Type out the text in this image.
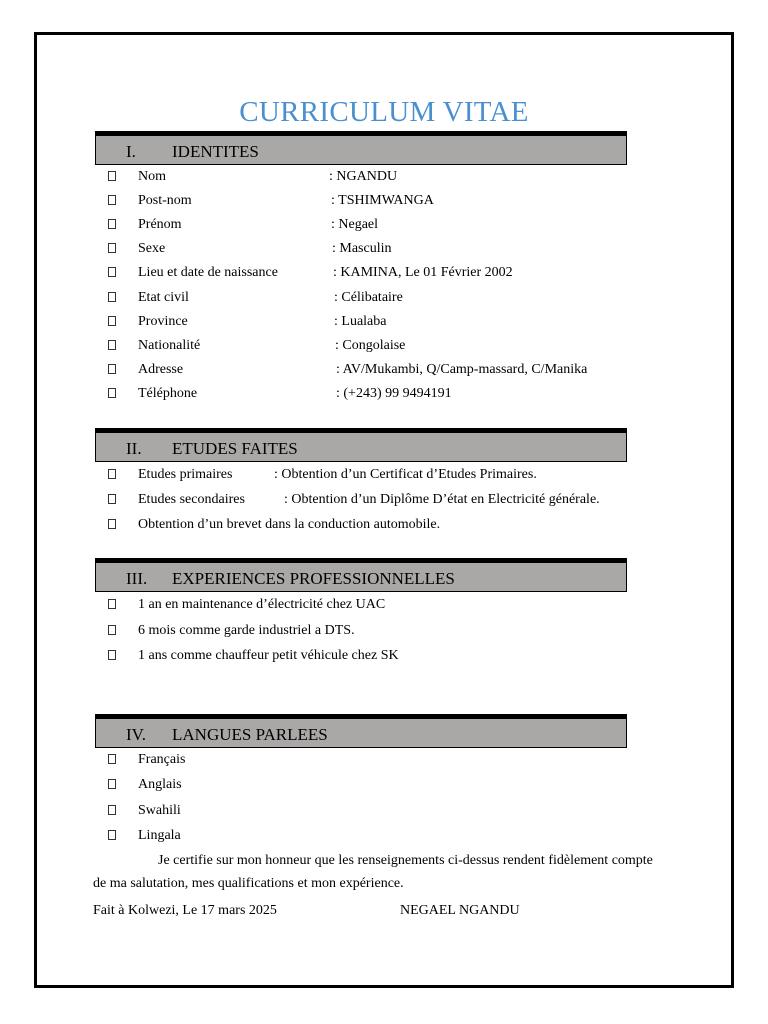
CURRICULUM VITAE
I. IDENTITES
Nom	: NGANDU
Post-nom	: TSHIMWANGA
Prénom	: Negael
Sexe	: Masculin
Lieu et date de naissance	: KAMINA, Le 01 Février 2002
Etat civil	: Célibataire
Province	: Lualaba
Nationalité	: Congolaise
Adresse	: AV/Mukambi, Q/Camp-massard, C/Manika
Téléphone	: (+243) 99 9494191
II. ETUDES FAITES
Etudes primaires	: Obtention d’un Certificat d’Etudes Primaires.
Etudes secondaires	: Obtention d’un Diplôme D’état en Electricité générale.
Obtention d’un brevet dans la conduction automobile.
III. EXPERIENCES PROFESSIONNELLES
1 an en maintenance d’électricité chez UAC
6 mois comme garde industriel a DTS.
1 ans comme chauffeur petit véhicule chez SK
IV. LANGUES PARLEES
Français
Anglais
Swahili
Lingala
Je certifie sur mon honneur que les renseignements ci-dessus rendent fidèlement compte
de ma salutation, mes qualifications et mon expérience.
Fait à Kolwezi, Le 17 mars 2025	NEGAEL NGANDU
